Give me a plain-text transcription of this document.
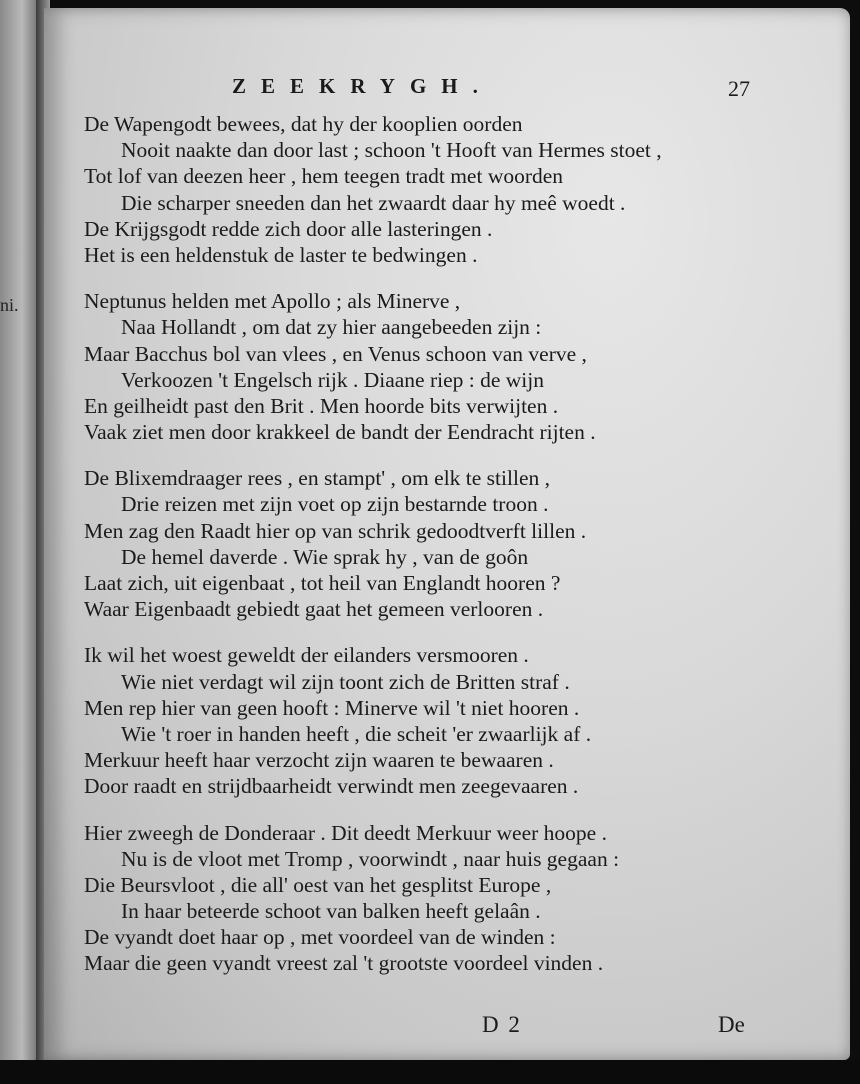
ni.
ZEEKRYGH.	27
De Wapengodt bewees, dat hy der kooplien oorden
Nooit naakte dan door last ; schoon 't Hooft van Hermes stoet ,
Tot lof van deezen heer , hem teegen tradt met woorden
Die scharper sneeden dan het zwaardt daar hy meê woedt .
De Krijgsgodt redde zich door alle lasteringen .
Het is een heldenstuk de laster te bedwingen .
Neptunus helden met Apollo ; als Minerve ,
Naa Hollandt , om dat zy hier aangebeeden zijn :
Maar Bacchus bol van vlees , en Venus schoon van verve ,
Verkoozen 't Engelsch rijk . Diaane riep : de wijn
En geilheidt past den Brit . Men hoorde bits verwijten .
Vaak ziet men door krakkeel de bandt der Eendracht rijten .
De Blixemdraager rees , en stampt' , om elk te stillen ,
Drie reizen met zijn voet op zijn bestarnde troon .
Men zag den Raadt hier op van schrik gedoodtverft lillen .
De hemel daverde . Wie sprak hy , van de goôn
Laat zich, uit eigenbaat , tot heil van Englandt hooren ?
Waar Eigenbaadt gebiedt gaat het gemeen verlooren .
Ik wil het woest geweldt der eilanders versmooren .
Wie niet verdagt wil zijn toont zich de Britten straf .
Men rep hier van geen hooft : Minerve wil 't niet hooren .
Wie 't roer in handen heeft , die scheit 'er zwaarlijk af .
Merkuur heeft haar verzocht zijn waaren te bewaaren .
Door raadt en strijdbaarheidt verwindt men zeegevaaren .
Hier zweegh de Donderaar . Dit deedt Merkuur weer hoope .
Nu is de vloot met Tromp , voorwindt , naar huis gegaan :
Die Beursvloot , die all' oest van het gesplitst Europe ,
In haar beteerde schoot van balken heeft gelaân .
De vyandt doet haar op , met voordeel van de winden :
Maar die geen vyandt vreest zal 't grootste voordeel vinden .
D 2	De
